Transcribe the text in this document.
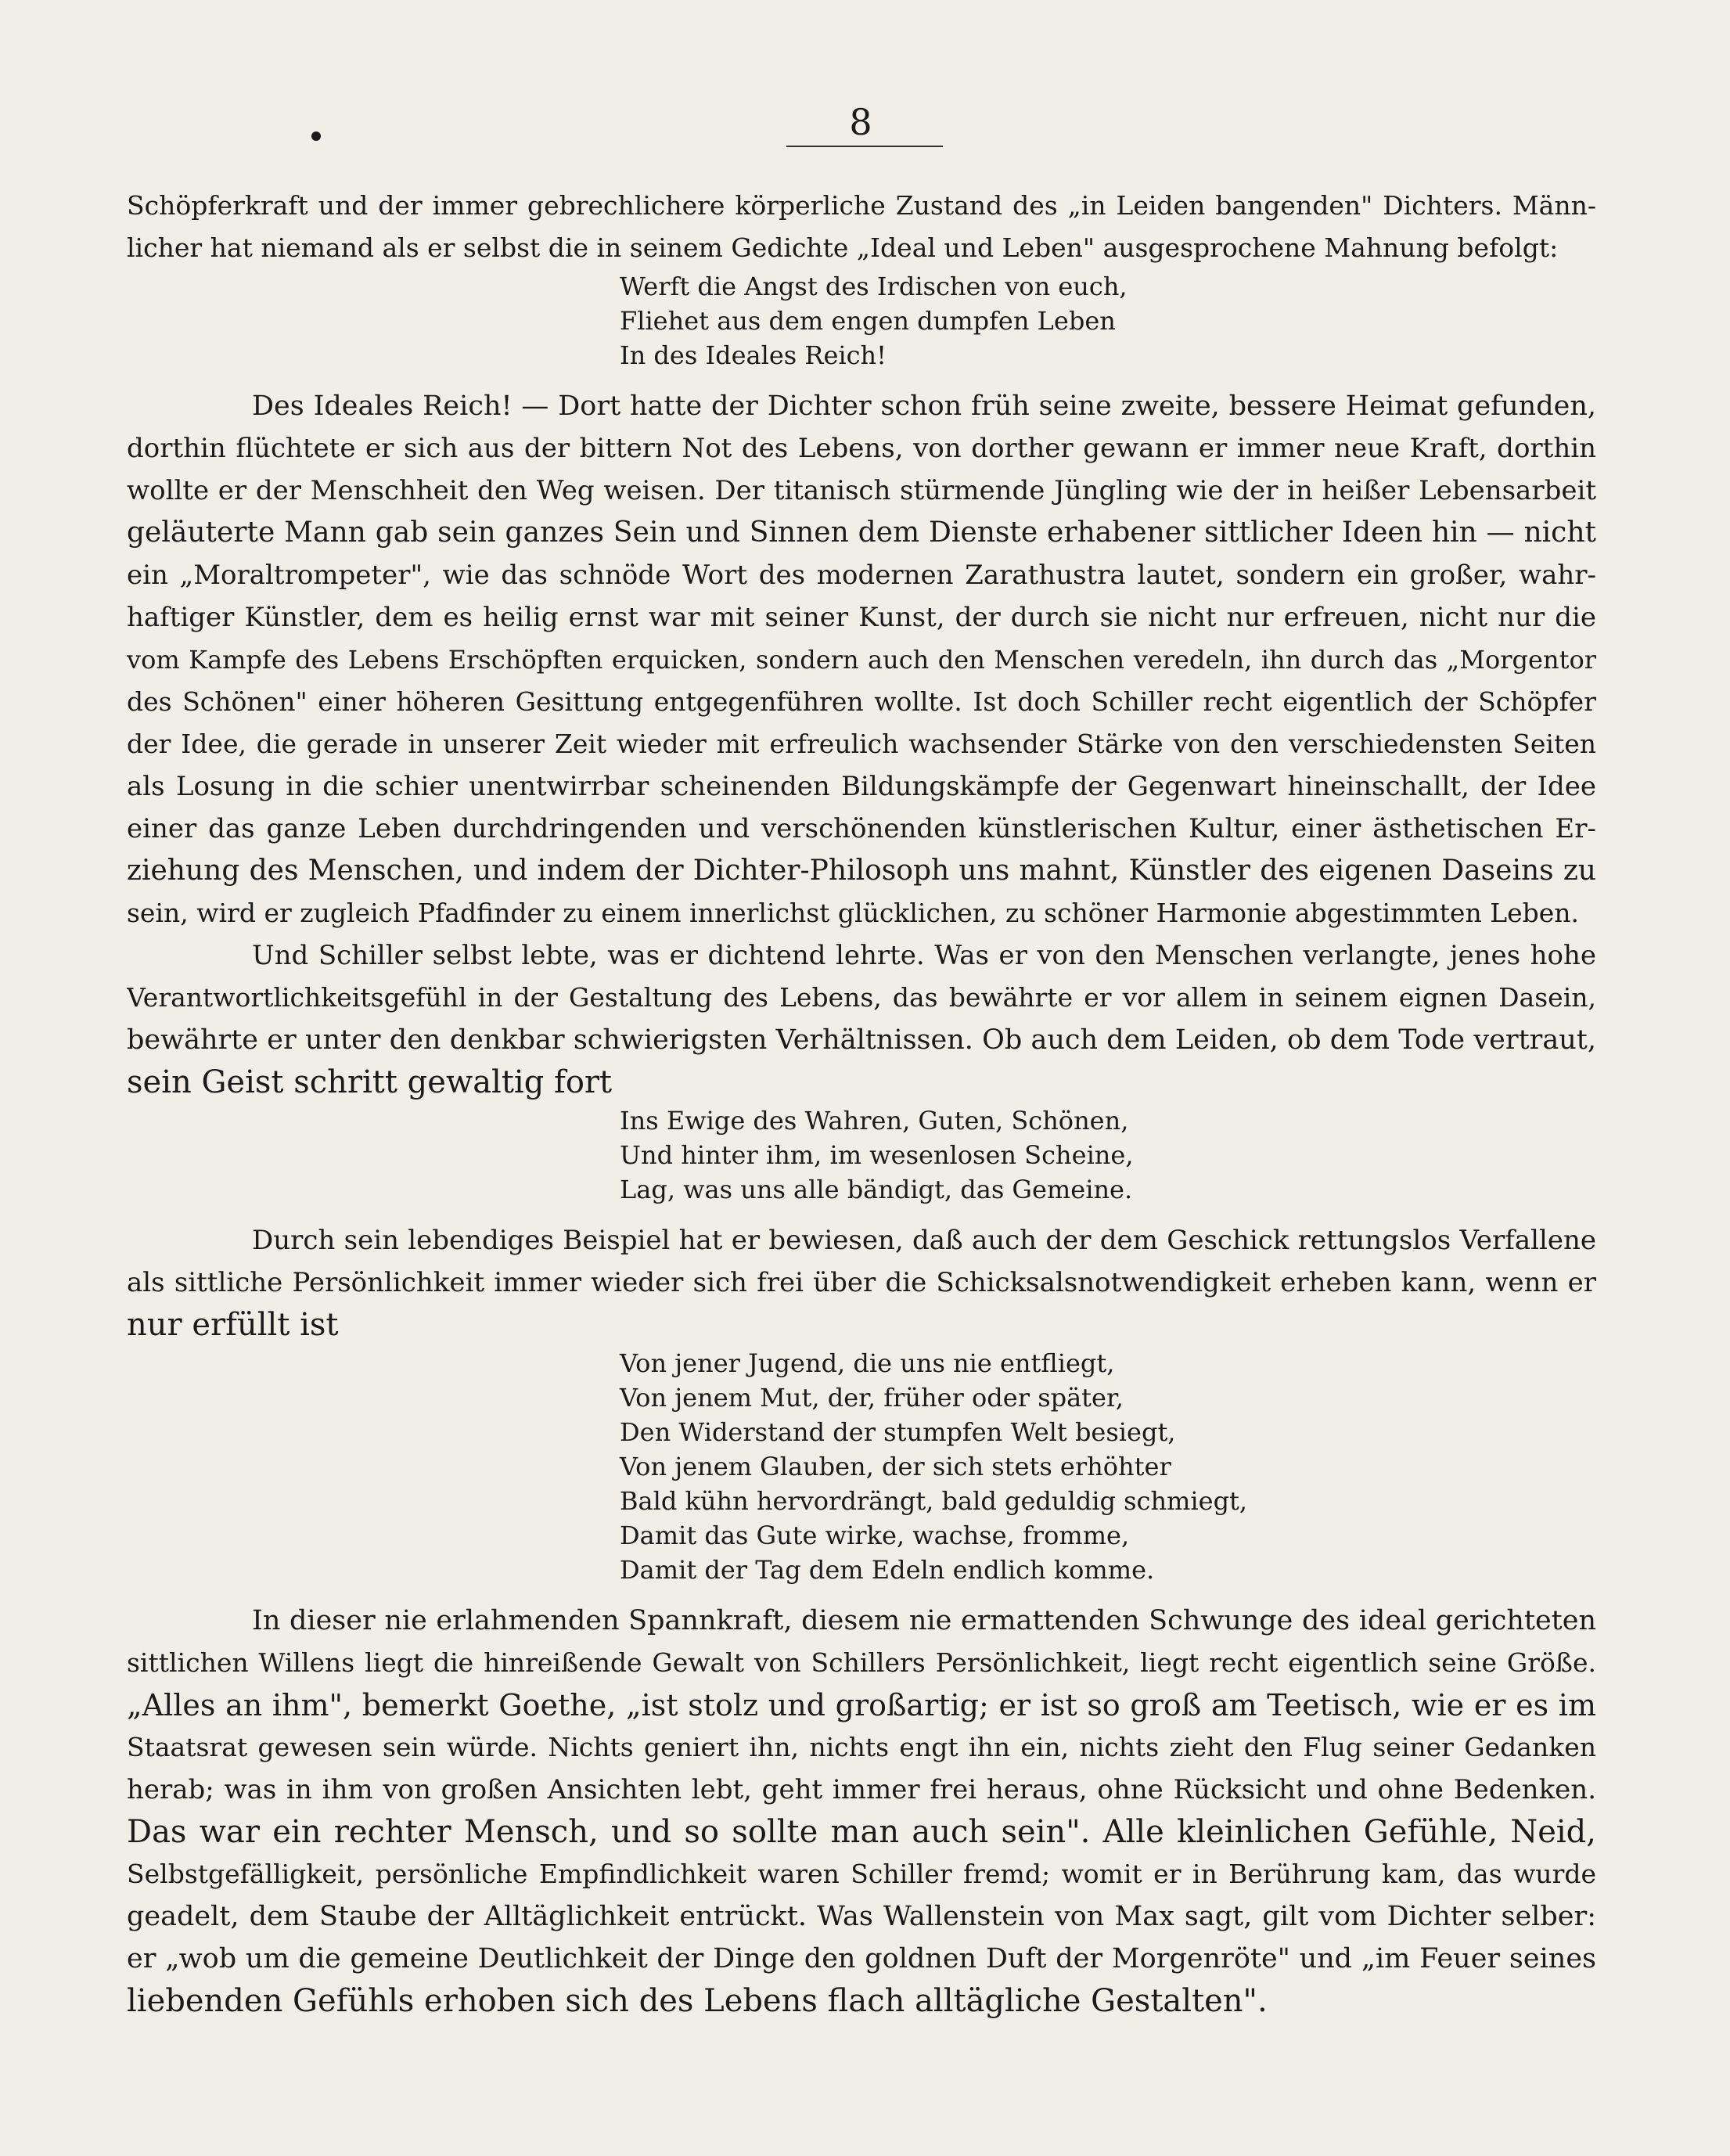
8
Schöpferkraft und der immer gebrechlichere körperliche Zustand des „in Leiden bangenden" Dichters. Männ-
licher hat niemand als er selbst die in seinem Gedichte „Ideal und Leben" ausgesprochene Mahnung befolgt:
Werft die Angst des Irdischen von euch,
Fliehet aus dem engen dumpfen Leben
In des Ideales Reich!
Des Ideales Reich! — Dort hatte der Dichter schon früh seine zweite, bessere Heimat gefunden,
dorthin flüchtete er sich aus der bittern Not des Lebens, von dorther gewann er immer neue Kraft, dorthin
wollte er der Menschheit den Weg weisen. Der titanisch stürmende Jüngling wie der in heißer Lebensarbeit
geläuterte Mann gab sein ganzes Sein und Sinnen dem Dienste erhabener sittlicher Ideen hin — nicht
ein „Moraltrompeter", wie das schnöde Wort des modernen Zarathustra lautet, sondern ein großer, wahr-
haftiger Künstler, dem es heilig ernst war mit seiner Kunst, der durch sie nicht nur erfreuen, nicht nur die
vom Kampfe des Lebens Erschöpften erquicken, sondern auch den Menschen veredeln, ihn durch das „Morgentor
des Schönen" einer höheren Gesittung entgegenführen wollte. Ist doch Schiller recht eigentlich der Schöpfer
der Idee, die gerade in unserer Zeit wieder mit erfreulich wachsender Stärke von den verschiedensten Seiten
als Losung in die schier unentwirrbar scheinenden Bildungskämpfe der Gegenwart hineinschallt, der Idee
einer das ganze Leben durchdringenden und verschönenden künstlerischen Kultur, einer ästhetischen Er-
ziehung des Menschen, und indem der Dichter-Philosoph uns mahnt, Künstler des eigenen Daseins zu
sein, wird er zugleich Pfadfinder zu einem innerlichst glücklichen, zu schöner Harmonie abgestimmten Leben.
Und Schiller selbst lebte, was er dichtend lehrte. Was er von den Menschen verlangte, jenes hohe
Verantwortlichkeitsgefühl in der Gestaltung des Lebens, das bewährte er vor allem in seinem eignen Dasein,
bewährte er unter den denkbar schwierigsten Verhältnissen. Ob auch dem Leiden, ob dem Tode vertraut,
sein Geist schritt gewaltig fort
Ins Ewige des Wahren, Guten, Schönen,
Und hinter ihm, im wesenlosen Scheine,
Lag, was uns alle bändigt, das Gemeine.
Durch sein lebendiges Beispiel hat er bewiesen, daß auch der dem Geschick rettungslos Verfallene
als sittliche Persönlichkeit immer wieder sich frei über die Schicksalsnotwendigkeit erheben kann, wenn er
nur erfüllt ist
Von jener Jugend, die uns nie entfliegt,
Von jenem Mut, der, früher oder später,
Den Widerstand der stumpfen Welt besiegt,
Von jenem Glauben, der sich stets erhöhter
Bald kühn hervordrängt, bald geduldig schmiegt,
Damit das Gute wirke, wachse, fromme,
Damit der Tag dem Edeln endlich komme.
In dieser nie erlahmenden Spannkraft, diesem nie ermattenden Schwunge des ideal gerichteten
sittlichen Willens liegt die hinreißende Gewalt von Schillers Persönlichkeit, liegt recht eigentlich seine Größe.
„Alles an ihm", bemerkt Goethe, „ist stolz und großartig; er ist so groß am Teetisch, wie er es im
Staatsrat gewesen sein würde. Nichts geniert ihn, nichts engt ihn ein, nichts zieht den Flug seiner Gedanken
herab; was in ihm von großen Ansichten lebt, geht immer frei heraus, ohne Rücksicht und ohne Bedenken.
Das war ein rechter Mensch, und so sollte man auch sein". Alle kleinlichen Gefühle, Neid,
Selbstgefälligkeit, persönliche Empfindlichkeit waren Schiller fremd; womit er in Berührung kam, das wurde
geadelt, dem Staube der Alltäglichkeit entrückt. Was Wallenstein von Max sagt, gilt vom Dichter selber:
er „wob um die gemeine Deutlichkeit der Dinge den goldnen Duft der Morgenröte" und „im Feuer seines
liebenden Gefühls erhoben sich des Lebens flach alltägliche Gestalten".
